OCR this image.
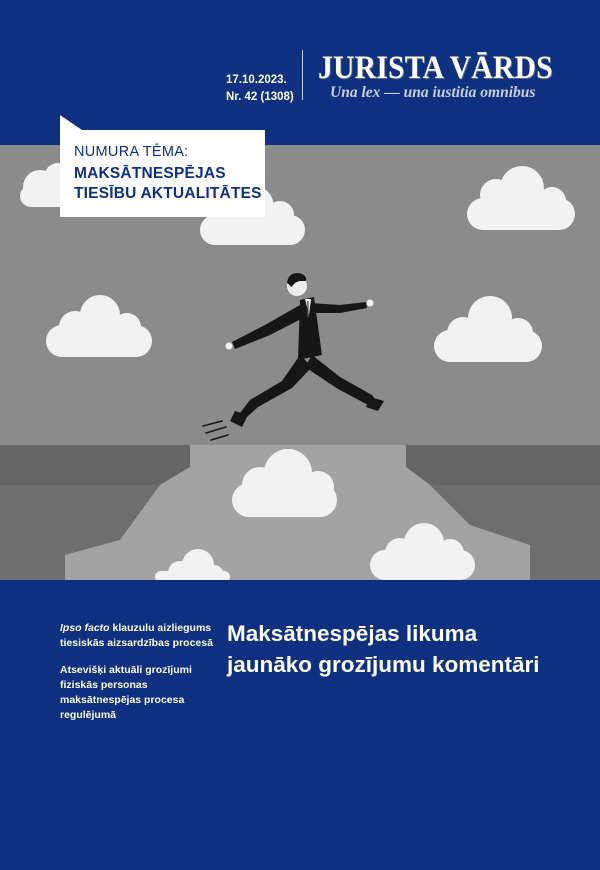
17.10.2023.
Nr. 42 (1308)
JURISTA VĀRDS
Una lex — una iustitia omnibus
NUMURA TĒMA:
MAKSĀTNESPĒJAS
TIESĪBU AKTUALITĀTES

Ipso facto klauzulu aizliegums tiesiskās aizsardzības procesā

Atsevišķi aktuāli grozījumi fiziskās personas maksātnespējas procesa regulējumā

Maksātnespējas likuma jaunāko grozījumu komentāri
